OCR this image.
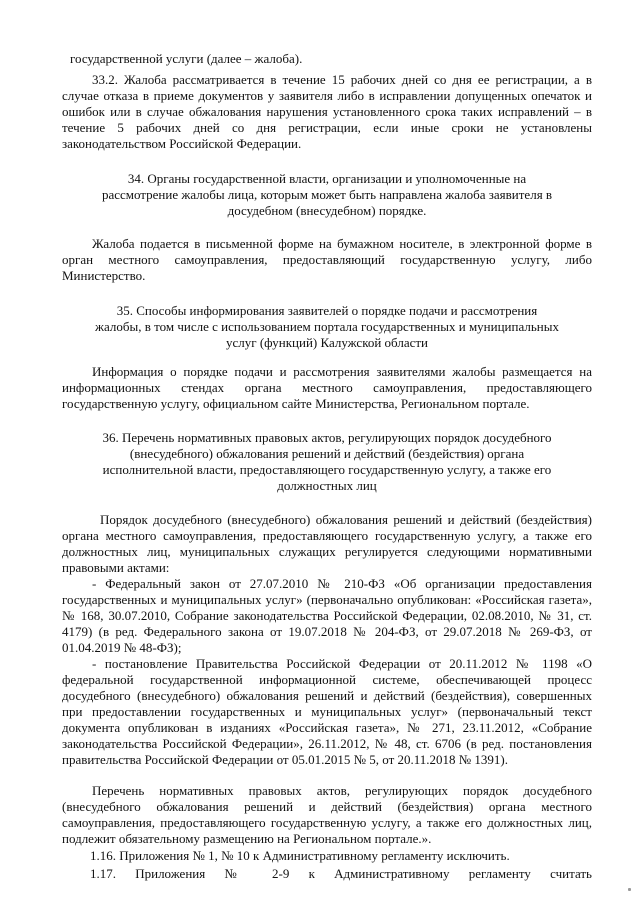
государственной услуги (далее – жалоба).

33.2. Жалоба рассматривается в течение 15 рабочих дней со дня ее регистрации, а в случае отказа в приеме документов у заявителя либо в исправлении допущенных опечаток и ошибок или в случае обжалования нарушения установленного срока таких исправлений – в течение 5 рабочих дней со дня регистрации, если иные сроки не установлены законодательством Российской Федерации.

34. Органы государственной власти, организации и уполномоченные на
рассмотрение жалобы лица, которым может быть направлена жалоба заявителя в
досудебном (внесудебном) порядке.

Жалоба подается в письменной форме на бумажном носителе, в электронной форме в орган местного самоуправления, предоставляющий государственную услугу, либо Министерство.

35. Способы информирования заявителей о порядке подачи и рассмотрения
жалобы, в том числе с использованием портала государственных и муниципальных
услуг (функций) Калужской области

Информация о порядке подачи и рассмотрения заявителями жалобы размещается на информационных стендах органа местного самоуправления, предоставляющего государственную услугу, официальном сайте Министерства, Региональном портале.

36. Перечень нормативных правовых актов, регулирующих порядок досудебного
(внесудебного) обжалования решений и действий (бездействия) органа
исполнительной власти, предоставляющего государственную услугу, а также его
должностных лиц

Порядок досудебного (внесудебного) обжалования решений и действий (бездействия) органа местного самоуправления, предоставляющего государственную услугу, а также его должностных лиц, муниципальных служащих регулируется следующими нормативными правовыми актами:

- Федеральный закон от 27.07.2010 № 210-ФЗ «Об организации предоставления государственных и муниципальных услуг» (первоначально опубликован: «Российская газета», № 168, 30.07.2010, Собрание законодательства Российской Федерации, 02.08.2010, № 31, ст. 4179) (в ред. Федерального закона от 19.07.2018 № 204-ФЗ, от 29.07.2018 № 269-ФЗ, от 01.04.2019 № 48-ФЗ);

- постановление Правительства Российской Федерации от 20.11.2012 № 1198 «О федеральной государственной информационной системе, обеспечивающей процесс досудебного (внесудебного) обжалования решений и действий (бездействия), совершенных при предоставлении государственных и муниципальных услуг» (первоначальный текст документа опубликован в изданиях «Российская газета», № 271, 23.11.2012, «Собрание законодательства Российской Федерации», 26.11.2012, № 48, ст. 6706 (в ред. постановления правительства Российской Федерации от 05.01.2015 № 5, от 20.11.2018 № 1391).

Перечень нормативных правовых актов, регулирующих порядок досудебного (внесудебного обжалования решений и действий (бездействия) органа местного самоуправления, предоставляющего государственную услугу, а также его должностных лиц, подлежит обязательному размещению на Региональном портале.».

1.16. Приложения № 1, № 10 к Административному регламенту исключить.

1.17. Приложения № 2-9 к Административному регламенту считать
